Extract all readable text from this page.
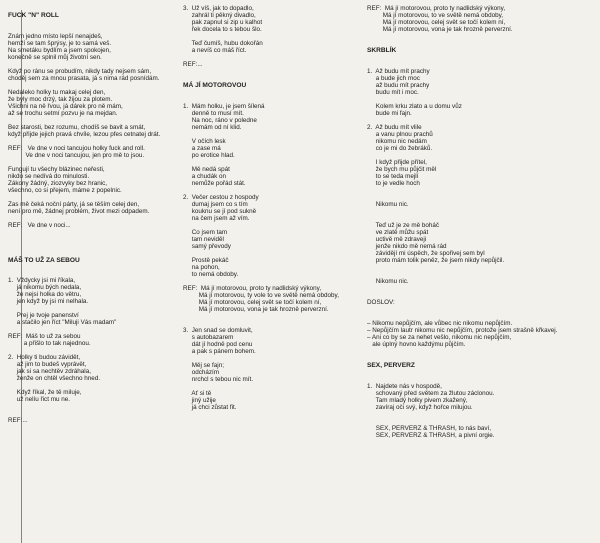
FUCK "N" ROLL
Znám jedno místo lepší nenajdeš,
hemží se tam šprýsy, je to samá veš.
Na smetáku bydlím a jsem spokojen,
konečně se splnil můj životní sen.
Když po ránu se probudím, nikdy tady nejsem sám,
choděj sem za mnou prasata, já s nima rád posnídám.
Nedaleko holky tu makaj celej den,
že byly moc drzý, tak žijou za plotem.
Všichni na ně řvou, já dárek pro ně mám,
až se trochu setmí pozvu je na mejdan.
Bez starosti, bez rozumu, chodíš se bavit a smát,
když přijde jejich pravá chvíle, lezou pfes cetnatej drát.
REF:   Ve dne v noci tancujou holky fuck and roll.
Ve dne v noci tancujou, jen pro mě to jsou.
Fungují tu všechy blázinec neřesti,
nikdo se nedívá do minulosti.
Zákony žádný, ziozvyky bez hranic,
všechno, co si přejem, máme z popelnic.
Zas mě čeká noční párty, já se těším celej den,
není pro mě, žádnej problém, život mezi odpadem.
REF:   Ve dne v noci...
MÁŠ TO UŽ ZA SEBOU
1.  Vždycky jsi mi říkala,
já nikomu bých nedala,
že nejsi holka do větru,
jen když by jsi mi nelhala.
Prej je tvoje panenství
a stačilo jen říct "Miluji Vás madam"
REF:  Máš to už za sebou
a přišlo to tak najednou.
2.  Holky ti budou závidět,
až jim to budeš vyprávět,
jak si sa nechtěv zdráhala,
ženže on chtěl všechno hned.
Když říkal, že tě miluje,
už nelíu řict mu ne.
REF:...
3.  Už víš, jak to dopadlo,
zahrál ti pěkný divadlo,
pak zapnul si zip u kalhot
řek docela to s tebou šlo.
Teď čumíš, hubu dokořán
a nevíš co máš říct.
REF:...
MÁ JÍ MOTOROVOU
1.  Mám holku, je jsem šílená
denně to musí mít.
Na noc, ráno v poledne
nemám od ní klid.
V očích lesk
a zase má
po erotice hlad.
Mě nedá spát
a chudák on
nemůže pořád stát.
2.  Večer cestou z hospody
dumaj jsem co s tím
kouknu se jí pod sukně
na čem jsem až vím.
Co jsem tam
tam neviděl
samý převody
Prostě pekáč
na pohon,
to nemá obdoby.
REF:  Má jí motorovou, proto ty nadlidský výkony,
Má jí motorovou, ty vole to ve světě nemá obdoby,
Má jí motorovou, celej svět se točí kolem ní,
Má jí motorovou, vona je tak hrozně perverzní.
3.  Jen snad se domluvit,
s autobazarem
dát jí hodně pod cenu
a pak s pánem bohem.
Měj se fajn;
odcházím
nrchcl s tebou nic mít.
Ať si tě
jiný užije
já chci zůstat fit.
REF:  Má jí motorovou, proto ty nadlidský výkony,
Má jí motorovou, to ve světě nemá obdoby,
Má jí motorovou, celej svět se točí kolem ní,
Má jí motorovou, vona je tak hrozně perverzní.
SKRBLÍK
1.  Až budu mít prachy
a bude jich moc
až budu mít prachy
budu mít i moc.
Kolem krku zlato a u domu vůz
bude mi fajn.
2.  Až budu mít vlile
a vanu plnou prachů
nikomu nic nedám
co je mi do žebráků.
I když přijde přítel,
že bych mu půjčit měl
to se teda mejlí
to je vedle hoch
Nikomu nic.
Teď už je ze mě boháč
ve zlatě můžu spát
uctivě mě zdraveji
jenže nikdo mě nemá rád
závidějí mi úspěch, že spořivej sem byl
proto mám tolik peněz, že jsem nikdy nepůjčil.
Nikomu nic.
DOSLOV:
– Nikomu nepůjčím, ale vůbec nic nikomu nepůjčím.
– Nepůjčím lautr nikomu nic nepůjčím, protože jsem strašně křkavej.
– Ani co by se za nehet vešlo, nikomu nic nepůjčím,
ale úplný hovno každýmu půjčím.
SEX, PERVERZ
1.  Najdete nás v hospodě,
schovaný před světem za žlutou záclonou.
Tam mladý holky pivem zkažený,
zavíraj oči svý, když hořce milujou.
SEX, PERVERZ & THRASH, to nás baví,
SEX, PERVERZ & THRASH, a pivní orgie.
